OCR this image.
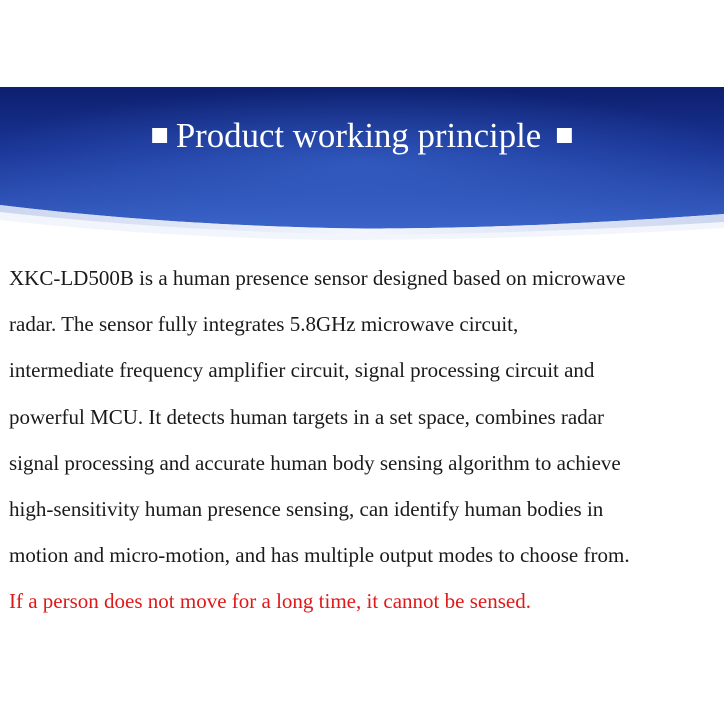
Product working principle
XKC-LD500B is a human presence sensor designed based on microwave
radar. The sensor fully integrates 5.8GHz microwave circuit,
intermediate frequency amplifier circuit, signal processing circuit and
powerful MCU. It detects human targets in a set space, combines radar
signal processing and accurate human body sensing algorithm to achieve
high-sensitivity human presence sensing, can identify human bodies in
motion and micro-motion, and has multiple output modes to choose from.
If a person does not move for a long time, it cannot be sensed.
